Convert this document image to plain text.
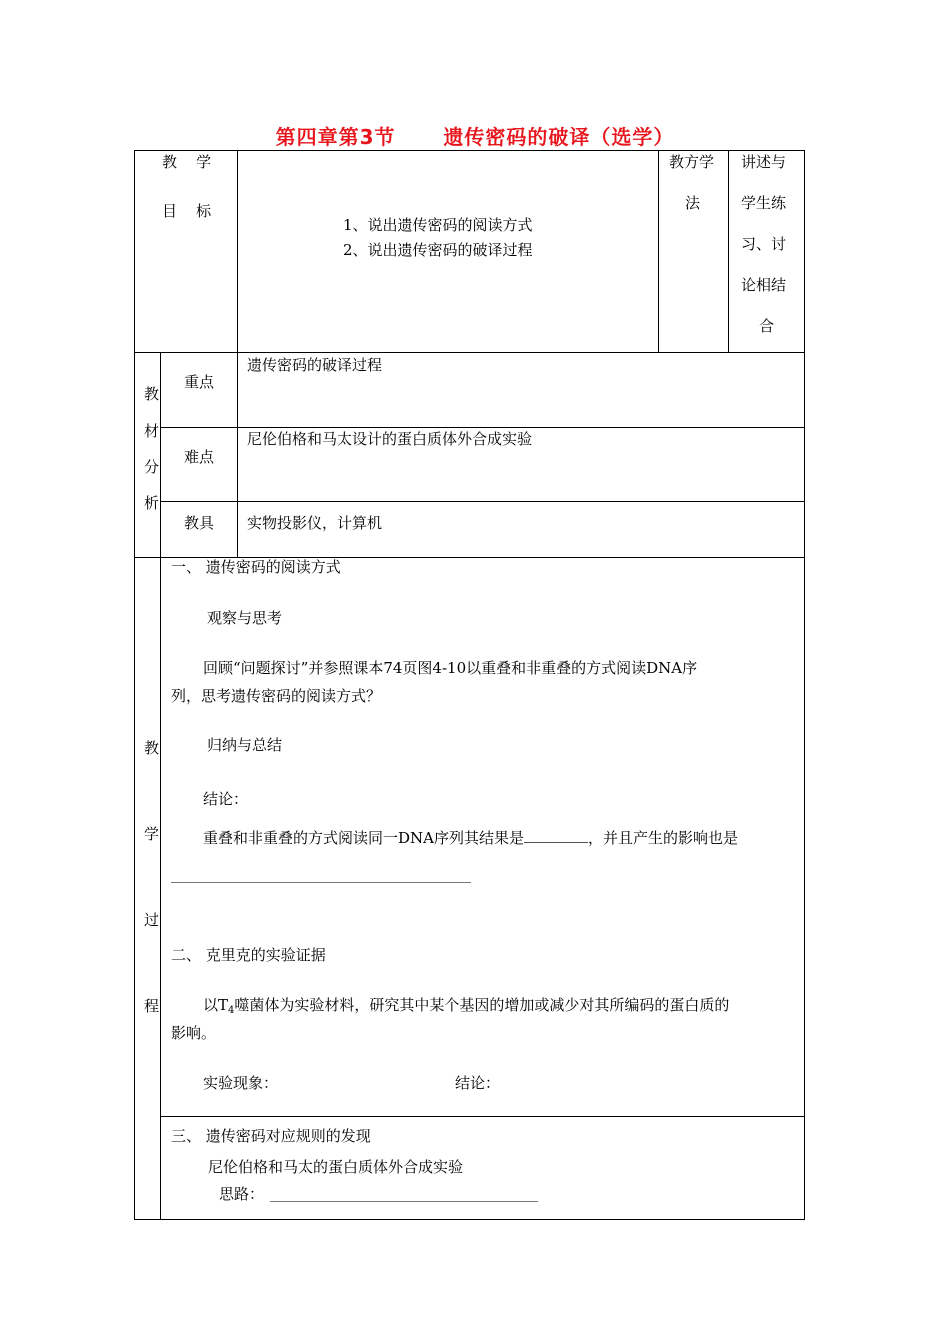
第四章第3节      遗传密码的破译（选学）
教    学
目    标
1、说出遗传密码的阅读方式
2、说出遗传密码的破译过程
教方学
法
讲述与
学生练
习、讨
论相结
合
教
材
分
析
重点
遗传密码的破译过程
难点
尼伦伯格和马太设计的蛋白质体外合成实验
教具 实物投影仪，计算机
教
学
过
程
一、 遗传密码的阅读方式
观察与思考
回顾“问题探讨”并参照课本74页图4-10以重叠和非重叠的方式阅读DNA序
列，思考遗传密码的阅读方式？
归纳与总结
结论：
重叠和非重叠的方式阅读同一DNA序列其结果是	，并且产生的影响也是
二、 克里克的实验证据
以$T_4$噬菌体为实验材料，研究其中某个基因的增加或减少对其所编码的蛋白质的
影响。
实验现象：	结论：
三、 遗传密码对应规则的发现
尼伦伯格和马太的蛋白质体外合成实验
思路：
